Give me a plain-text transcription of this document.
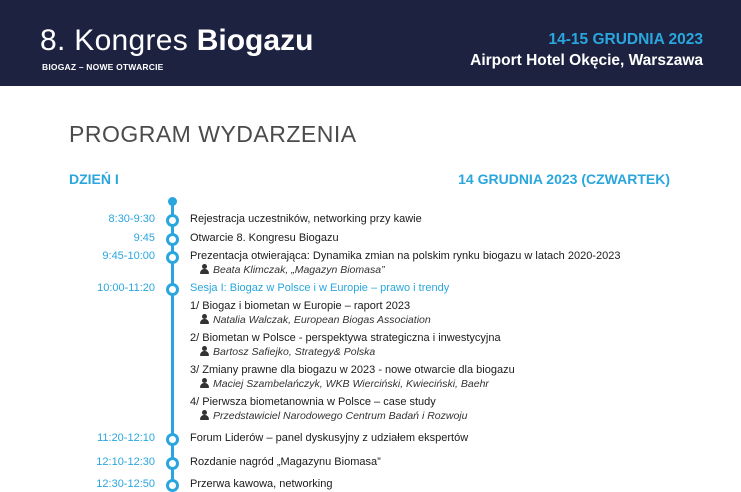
8. Kongres Biogazu
BIOGAZ – NOWE OTWARCIE
14-15 GRUDNIA 2023
Airport Hotel Okęcie, Warszawa
PROGRAM WYDARZENIA
DZIEŃ I	14 GRUDNIA 2023 (CZWARTEK)
8:30-9:30	Rejestracja uczestników, networking przy kawie
9:45	Otwarcie 8. Kongresu Biogazu
9:45-10:00	Prezentacja otwierająca: Dynamika zmian na polskim rynku biogazu w latach 2020-2023
Beata Klimczak, „Magazyn Biomasa”
10:00-11:20	Sesja I: Biogaz w Polsce i w Europie – prawo i trendy
1/ Biogaz i biometan w Europie – raport 2023
Natalia Walczak, European Biogas Association
2/ Biometan w Polsce - perspektywa strategiczna i inwestycyjna
Bartosz Safiejko, Strategy& Polska
3/ Zmiany prawne dla biogazu w 2023 - nowe otwarcie dla biogazu
Maciej Szambelańczyk, WKB Wierciński, Kwieciński, Baehr
4/ Pierwsza biometanownia w Polsce – case study
Przedstawiciel Narodowego Centrum Badań i Rozwoju
11:20-12:10	Forum Liderów – panel dyskusyjny z udziałem ekspertów
12:10-12:30	Rozdanie nagród „Magazynu Biomasa”
12:30-12:50	Przerwa kawowa, networking
